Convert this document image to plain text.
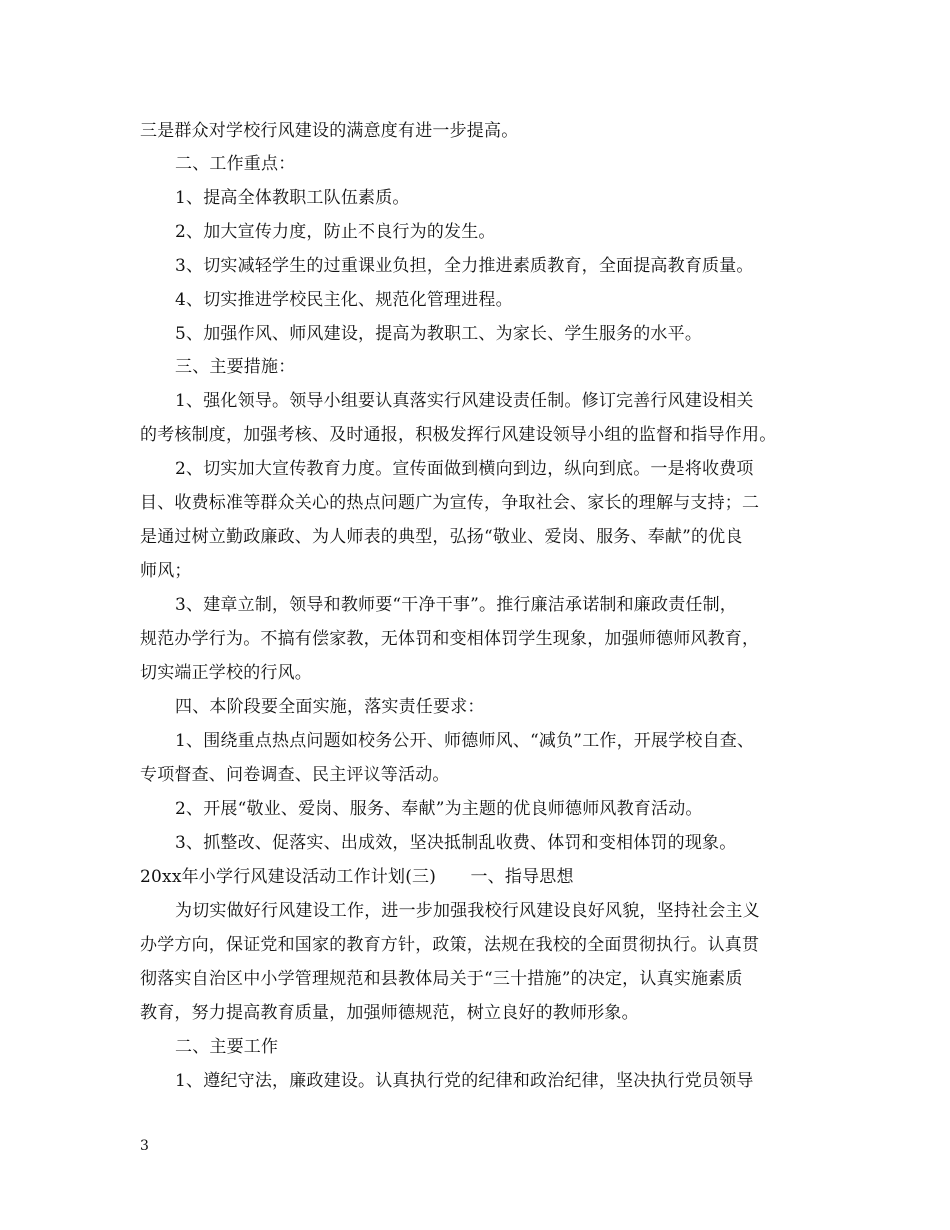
三是群众对学校行风建设的满意度有进一步提高。
二、工作重点：
1、提高全体教职工队伍素质。
2、加大宣传力度，防止不良行为的发生。
3、切实减轻学生的过重课业负担，全力推进素质教育，全面提高教育质量。
4、切实推进学校民主化、规范化管理进程。
5、加强作风、师风建设，提高为教职工、为家长、学生服务的水平。
三、主要措施：
1、强化领导。领导小组要认真落实行风建设责任制。修订完善行风建设相关
的考核制度，加强考核、及时通报，积极发挥行风建设领导小组的监督和指导作用。
2、切实加大宣传教育力度。宣传面做到横向到边，纵向到底。一是将收费项
目、收费标准等群众关心的热点问题广为宣传，争取社会、家长的理解与支持；二
是通过树立勤政廉政、为人师表的典型，弘扬“敬业、爱岗、服务、奉献”的优良
师风；
3、建章立制，领导和教师要“干净干事”。推行廉洁承诺制和廉政责任制，
规范办学行为。不搞有偿家教，无体罚和变相体罚学生现象，加强师德师风教育，
切实端正学校的行风。
四、本阶段要全面实施，落实责任要求：
1、围绕重点热点问题如校务公开、师德师风、“减负”工作，开展学校自查、
专项督查、问卷调查、民主评议等活动。
2、开展“敬业、爱岗、服务、奉献”为主题的优良师德师风教育活动。
3、抓整改、促落实、出成效，坚决抵制乱收费、体罚和变相体罚的现象。
20xx年小学行风建设活动工作计划(三)　　一、指导思想
为切实做好行风建设工作，进一步加强我校行风建设良好风貌，坚持社会主义
办学方向，保证党和国家的教育方针，政策，法规在我校的全面贯彻执行。认真贯
彻落实自治区中小学管理规范和县教体局关于“三十措施”的决定，认真实施素质
教育，努力提高教育质量，加强师德规范，树立良好的教师形象。
二、主要工作
1、遵纪守法，廉政建设。认真执行党的纪律和政治纪律，坚决执行党员领导
3
